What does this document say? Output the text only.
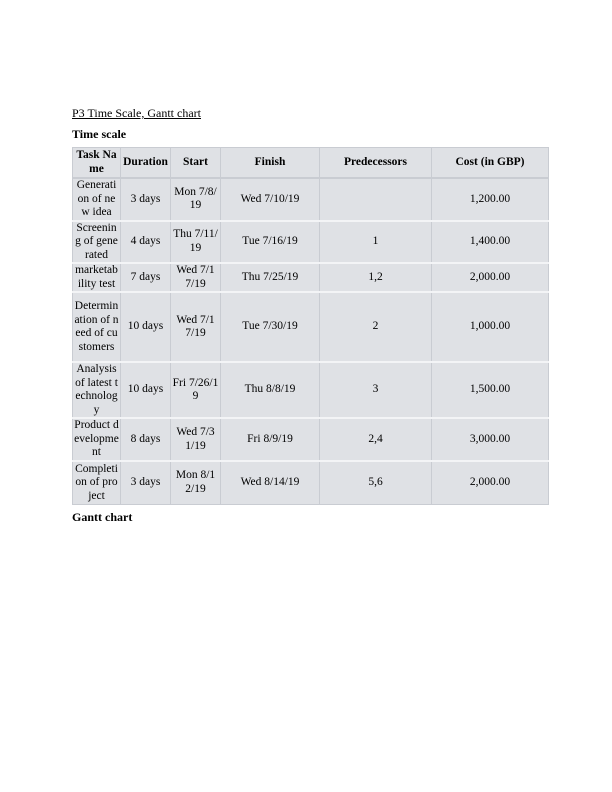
P3 Time Scale, Gantt chart

Time scale

Task Name	Duration	Start	Finish	Predecessors	Cost (in GBP)
Generation of new idea	3 days	Mon 7/8/19	Wed 7/10/19		1,200.00
Screening of generated	4 days	Thu 7/11/19	Tue 7/16/19	1	1,400.00
marketability test	7 days	Wed 7/17/19	Thu 7/25/19	1,2	2,000.00
Determination of need of customers	10 days	Wed 7/17/19	Tue 7/30/19	2	1,000.00
Analysis of latest technology	10 days	Fri 7/26/19	Thu 8/8/19	3	1,500.00
Product development	8 days	Wed 7/31/19	Fri 8/9/19	2,4	3,000.00
Completion of project	3 days	Mon 8/12/19	Wed 8/14/19	5,6	2,000.00

Gantt chart
